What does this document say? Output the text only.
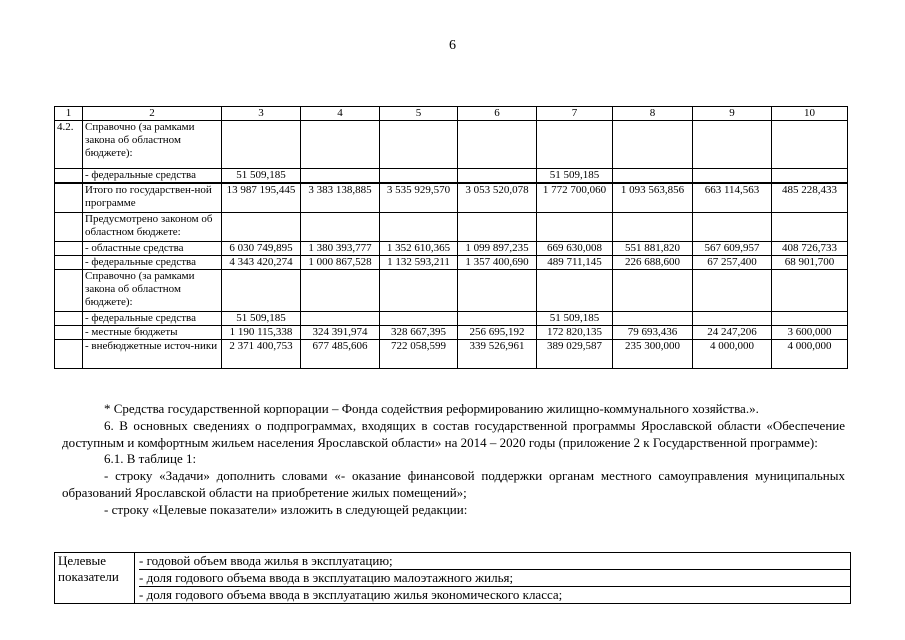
6
1	2	3	4	5	6	7	8	9	10
4.2.	Справочно (за рамками закона об областном бюджете):								
	- федеральные средства	51 509,185				51 509,185			
	Итого по государствен-ной программе	13 987 195,445	3 383 138,885	3 535 929,570	3 053 520,078	1 772 700,060	1 093 563,856	663 114,563	485 228,433
	Предусмотрено законом об областном бюджете:								
	- областные средства	6 030 749,895	1 380 393,777	1 352 610,365	1 099 897,235	669 630,008	551 881,820	567 609,957	408 726,733
	- федеральные средства	4 343 420,274	1 000 867,528	1 132 593,211	1 357 400,690	489 711,145	226 688,600	67 257,400	68 901,700
	Справочно (за рамками закона об областном бюджете):								
	- федеральные средства	51 509,185				51 509,185			
	- местные бюджеты	1 190 115,338	324 391,974	328 667,395	256 695,192	172 820,135	79 693,436	24 247,206	3 600,000
	- внебюджетные источ-ники	2 371 400,753	677 485,606	722 058,599	339 526,961	389 029,587	235 300,000	4 000,000	4 000,000

* Средства государственной корпорации – Фонда содействия реформированию жилищно-коммунального хозяйства.».

6. В основных сведениях о подпрограммах, входящих в состав государственной программы Ярославской области «Обеспечение доступным и комфортным жильем населения Ярославской области» на 2014 – 2020 годы (приложение 2 к Государственной программе):

6.1. В таблице 1:

- строку «Задачи» дополнить словами «- оказание финансовой поддержки органам местного самоуправления муниципальных образований Ярославской области на приобретение жилых помещений»;

- строку «Целевые показатели» изложить в следующей редакции:

Целевые показатели	
- годовой объем ввода жилья в эксплуатацию;
- доля годового объема ввода в эксплуатацию малоэтажного жилья;
- доля годового объема ввода в эксплуатацию жилья экономического класса;
